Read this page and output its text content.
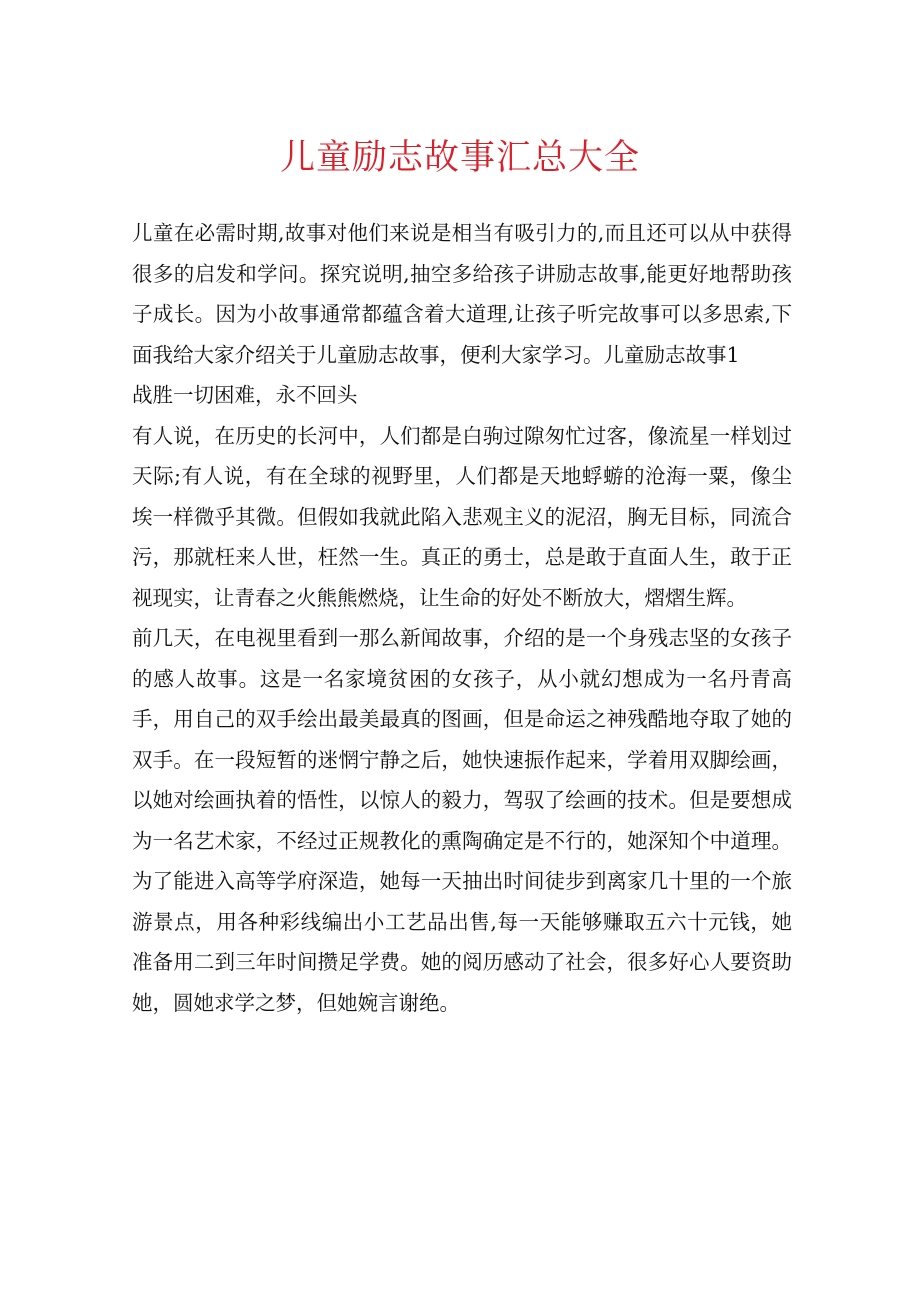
儿童励志故事汇总大全

儿童在必需时期,故事对他们来说是相当有吸引力的,而且还可以从中获得很多的启发和学问。探究说明,抽空多给孩子讲励志故事,能更好地帮助孩子成长。因为小故事通常都蕴含着大道理,让孩子听完故事可以多思索,下面我给大家介绍关于儿童励志故事，便利大家学习。儿童励志故事1

战胜一切困难，永不回头

有人说，在历史的长河中，人们都是白驹过隙匆忙过客，像流星一样划过天际;有人说，有在全球的视野里，人们都是天地蜉蝣的沧海一粟，像尘埃一样微乎其微。但假如我就此陷入悲观主义的泥沼，胸无目标，同流合污，那就枉来人世，枉然一生。真正的勇士，总是敢于直面人生，敢于正视现实，让青春之火熊熊燃烧，让生命的好处不断放大，熠熠生辉。

前几天，在电视里看到一那么新闻故事，介绍的是一个身残志坚的女孩子的感人故事。这是一名家境贫困的女孩子，从小就幻想成为一名丹青高手，用自己的双手绘出最美最真的图画，但是命运之神残酷地夺取了她的双手。在一段短暂的迷惘宁静之后，她快速振作起来，学着用双脚绘画，以她对绘画执着的悟性，以惊人的毅力，驾驭了绘画的技术。但是要想成为一名艺术家，不经过正规教化的熏陶确定是不行的，她深知个中道理。为了能进入高等学府深造，她每一天抽出时间徒步到离家几十里的一个旅游景点，用各种彩线编出小工艺品出售,每一天能够赚取五六十元钱，她准备用二到三年时间攒足学费。她的阅历感动了社会，很多好心人要资助她，圆她求学之梦，但她婉言谢绝。
